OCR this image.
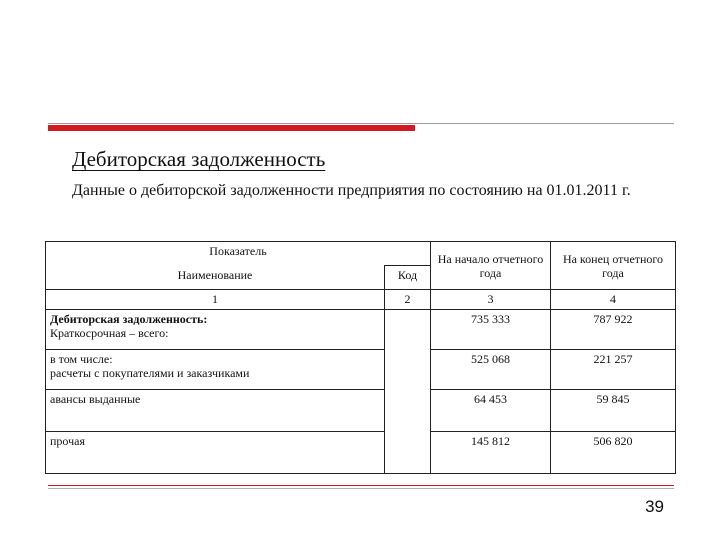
Дебиторская задолженность
Данные о дебиторской задолженности предприятия по состоянию на 01.01.2011 г.
Показатель		На начало отчетного года	На конец отчетного года
Наименование	Код		
1	2	3	4

Дебиторская задолженность:
Краткосрочная – всего:		735 333	787 922

в том числе:
расчеты с покупателями и заказчиками		525 068	221 257

авансы выданные		64 453	59 845

прочая		145 812	506 820
39
